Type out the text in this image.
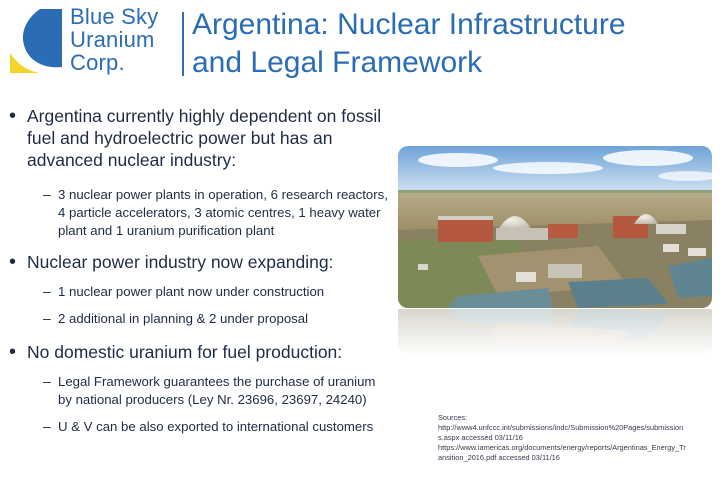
Blue Sky
Uranium
Corp.
Argentina: Nuclear Infrastructure
and Legal Framework
• Argentina currently highly dependent on fossil fuel and hydroelectric power but has an advanced nuclear industry:
– 3 nuclear power plants in operation, 6 research reactors, 4 particle accelerators, 3 atomic centres, 1 heavy water plant and 1 uranium purification plant
• Nuclear power industry now expanding:
– 1 nuclear power plant now under construction
– 2 additional in planning & 2 under proposal
• No domestic uranium for fuel production:
– Legal Framework guarantees the purchase of uranium by national producers (Ley Nr. 23696, 23697, 24240)
– U & V can be also exported to international customers
Sources:
http://www4.unfccc.int/submissions/indc/Submission%20Pages/submissions.aspx accessed 03/11/16
https://www.iamericas.org/documents/energy/reports/Argentinas_Energy_Transition_2016.pdf accessed 03/11/16
